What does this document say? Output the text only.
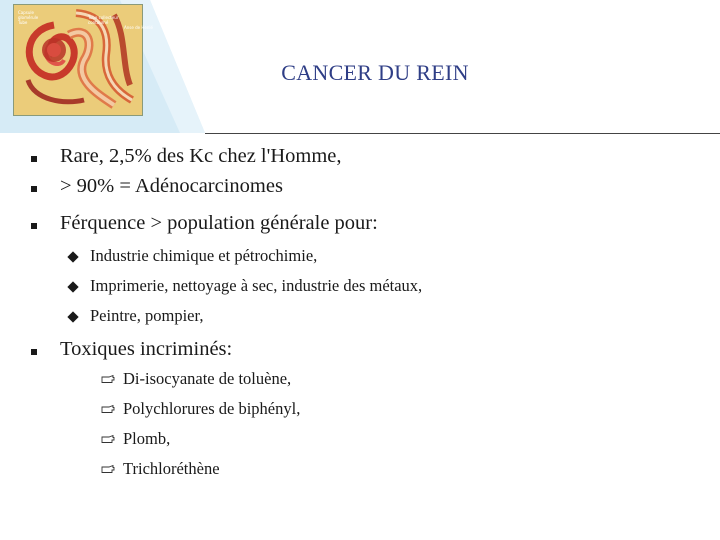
Capsule
glomérule
Tube
Tube collecteur
contourné
Anse de Henlé
CANCER DU REIN
Rare, 2,5% des Kc chez l'Homme,
> 90% = Adénocarcinomes
Férquence > population générale pour:
Industrie chimique et pétrochimie,
Imprimerie, nettoyage à sec, industrie des métaux,
Peintre, pompier,
Toxiques incriminés:
Di-isocyanate de toluène,
Polychlorures de biphényl,
Plomb,
Trichloréthène
